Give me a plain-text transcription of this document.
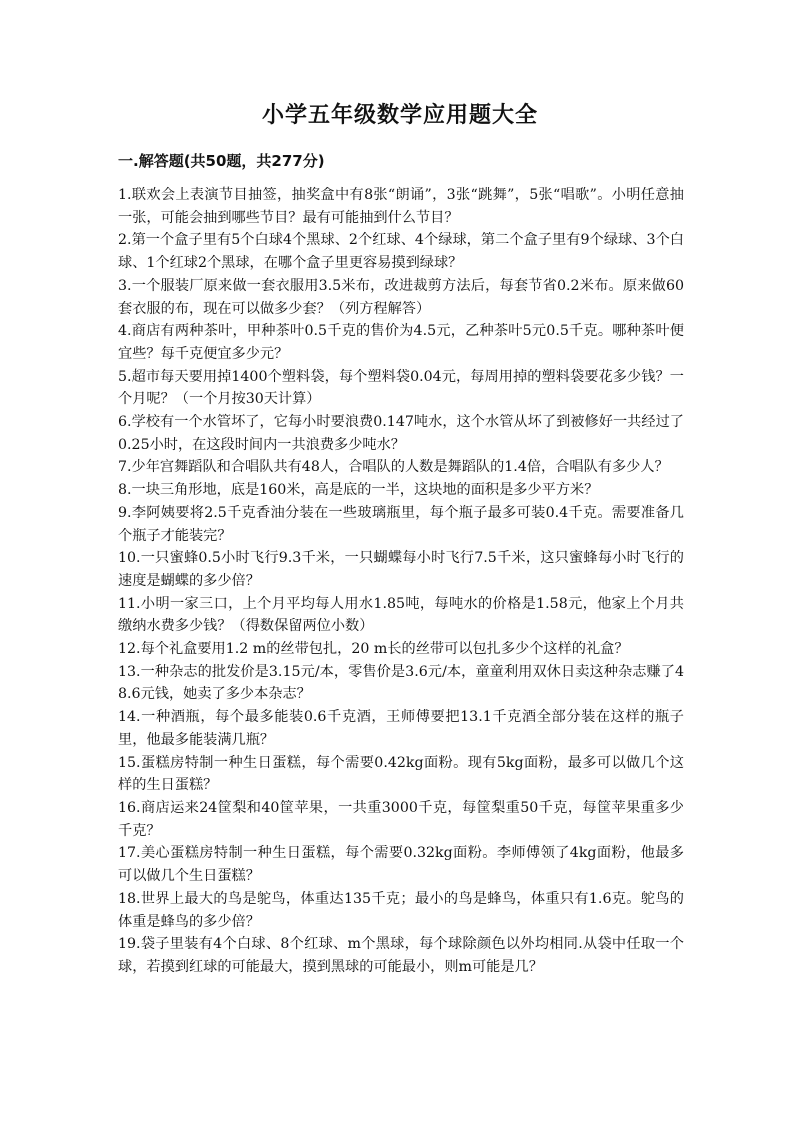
小学五年级数学应用题大全
一.解答题(共50题，共277分)
1.联欢会上表演节目抽签，抽奖盒中有8张“朗诵”，3张“跳舞”，5张“唱歌”。小明任意抽一张，可能会抽到哪些节目？最有可能抽到什么节目？
2.第一个盒子里有5个白球4个黑球、2个红球、4个绿球，第二个盒子里有9个绿球、3个白球、1个红球2个黑球，在哪个盒子里更容易摸到绿球？
3.一个服装厂原来做一套衣服用3.5米布，改进裁剪方法后，每套节省0.2米布。原来做60套衣服的布，现在可以做多少套？（列方程解答）
4.商店有两种茶叶，甲种茶叶0.5千克的售价为4.5元，乙种茶叶5元0.5千克。哪种茶叶便宜些？每千克便宜多少元？
5.超市每天要用掉1400个塑料袋，每个塑料袋0.04元，每周用掉的塑料袋要花多少钱？一个月呢？（一个月按30天计算）
6.学校有一个水管坏了，它每小时要浪费0.147吨水，这个水管从坏了到被修好一共经过了0.25小时，在这段时间内一共浪费多少吨水？
7.少年宫舞蹈队和合唱队共有48人，合唱队的人数是舞蹈队的1.4倍，合唱队有多少人？
8.一块三角形地，底是160米，高是底的一半，这块地的面积是多少平方米？
9.李阿姨要将2.5千克香油分装在一些玻璃瓶里，每个瓶子最多可装0.4千克。需要准备几个瓶子才能装完？
10.一只蜜蜂0.5小时飞行9.3千米，一只蝴蝶每小时飞行7.5千米，这只蜜蜂每小时飞行的速度是蝴蝶的多少倍？
11.小明一家三口，上个月平均每人用水1.85吨，每吨水的价格是1.58元，他家上个月共缴纳水费多少钱？（得数保留两位小数）
12.每个礼盒要用1.2 m的丝带包扎，20 m长的丝带可以包扎多少个这样的礼盒？
13.一种杂志的批发价是3.15元/本，零售价是3.6元/本，童童利用双休日卖这种杂志赚了48.6元钱，她卖了多少本杂志？
14.一种酒瓶，每个最多能装0.6千克酒，王师傅要把13.1千克酒全部分装在这样的瓶子里，他最多能装满几瓶？
15.蛋糕房特制一种生日蛋糕，每个需要0.42kg面粉。现有5kg面粉，最多可以做几个这样的生日蛋糕？
16.商店运来24筐梨和40筐苹果，一共重3000千克，每筐梨重50千克，每筐苹果重多少千克？
17.美心蛋糕房特制一种生日蛋糕，每个需要0.32kg面粉。李师傅领了4kg面粉，他最多可以做几个生日蛋糕？
18.世界上最大的鸟是鸵鸟，体重达135千克；最小的鸟是蜂鸟，体重只有1.6克。鸵鸟的体重是蜂鸟的多少倍？
19.袋子里装有4个白球、8个红球、m个黑球，每个球除颜色以外均相同.从袋中任取一个球，若摸到红球的可能最大，摸到黑球的可能最小，则m可能是几？
